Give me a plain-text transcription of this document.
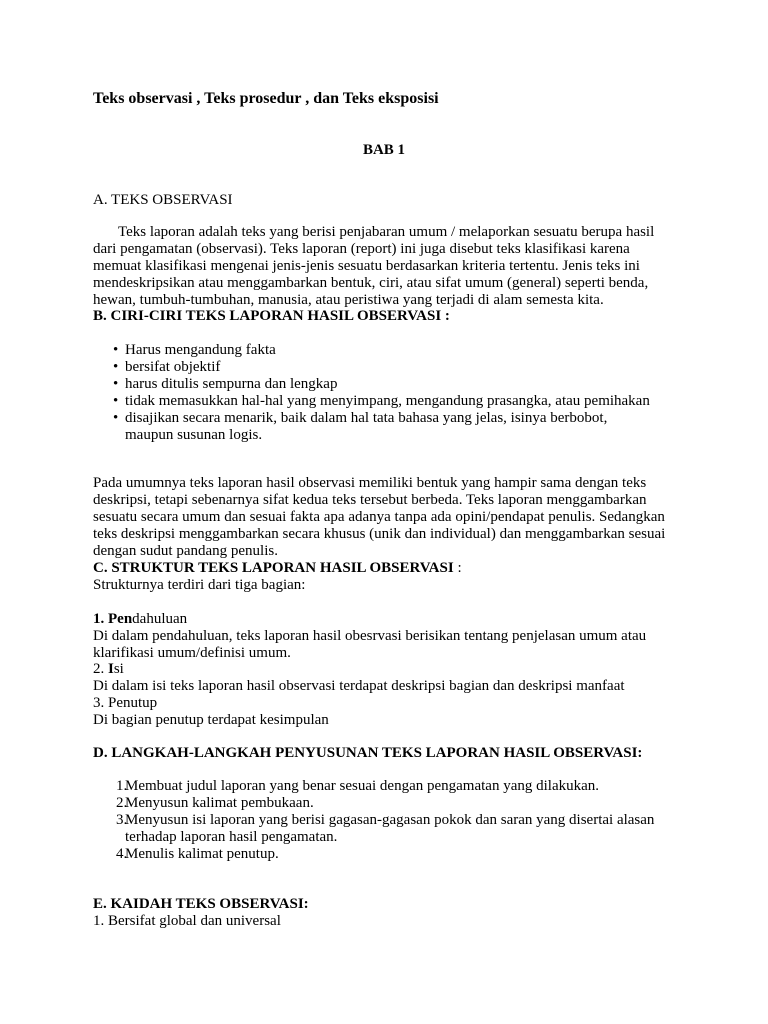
Teks observasi , Teks prosedur , dan Teks eksposisi

BAB 1

A. TEKS OBSERVASI

Teks laporan adalah teks yang berisi penjabaran umum / melaporkan sesuatu berupa hasil dari pengamatan (observasi). Teks laporan (report) ini juga disebut teks klasifikasi karena memuat klasifikasi mengenai jenis-jenis sesuatu berdasarkan kriteria tertentu. Jenis teks ini mendeskripsikan atau menggambarkan bentuk, ciri, atau sifat umum (general) seperti benda, hewan, tumbuh-tumbuhan, manusia, atau peristiwa yang terjadi di alam semesta kita.

B. CIRI-CIRI TEKS LAPORAN HASIL OBSERVASI :

• Harus mengandung fakta
• bersifat objektif
• harus ditulis sempurna dan lengkap
• tidak memasukkan hal-hal yang menyimpang, mengandung prasangka, atau pemihakan
• disajikan secara menarik, baik dalam hal tata bahasa yang jelas, isinya berbobot, maupun susunan logis.

Pada umumnya teks laporan hasil observasi memiliki bentuk yang hampir sama dengan teks deskripsi, tetapi sebenarnya sifat kedua teks tersebut berbeda. Teks laporan menggambarkan sesuatu secara umum dan sesuai fakta apa adanya tanpa ada opini/pendapat penulis. Sedangkan teks deskripsi menggambarkan secara khusus (unik dan individual) dan menggambarkan sesuai dengan sudut pandang penulis.

C. STRUKTUR TEKS LAPORAN HASIL OBSERVASI :

Strukturnya terdiri dari tiga bagian:

1. Pendahuluan

Di dalam pendahuluan, teks laporan hasil obesrvasi berisikan tentang penjelasan umum atau klarifikasi umum/definisi umum.

2. Isi

Di dalam isi teks laporan hasil observasi terdapat deskripsi bagian dan deskripsi manfaat

3. Penutup

Di bagian penutup terdapat kesimpulan

D. LANGKAH-LANGKAH PENYUSUNAN TEKS LAPORAN HASIL OBSERVASI:

1.
Membuat judul laporan yang benar sesuai dengan pengamatan yang dilakukan.
2.
Menyusun kalimat pembukaan.
3.
Menyusun isi laporan yang berisi gagasan-gagasan pokok dan saran yang disertai alasan terhadap laporan hasil pengamatan.
4.
Menulis kalimat penutup.

E. KAIDAH TEKS OBSERVASI:

1. Bersifat global dan universal
